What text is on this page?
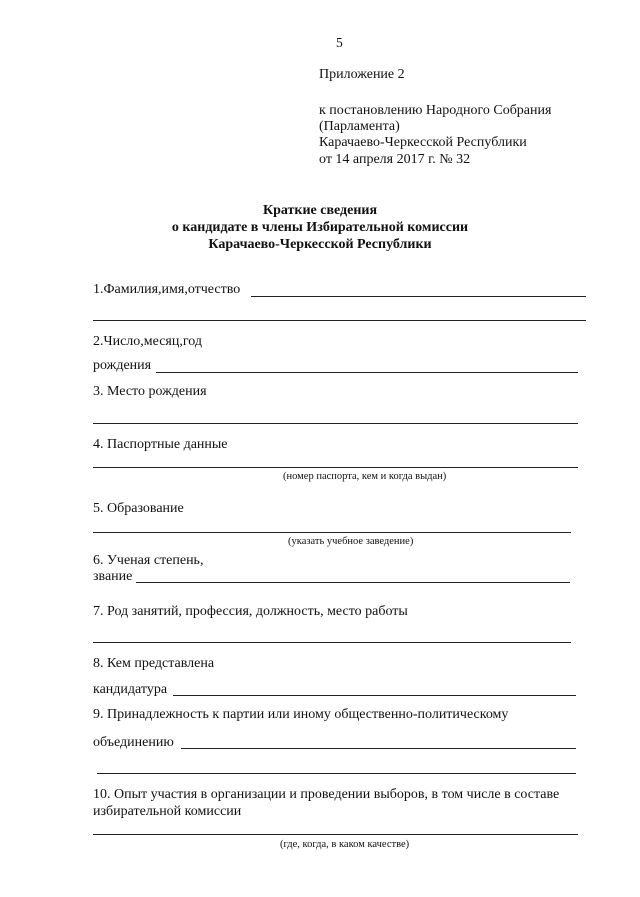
5
Приложение 2
к постановлению Народного Собрания
(Парламента)
Карачаево-Черкесской Республики
от 14 апреля 2017 г. № 32
Краткие сведения
о кандидате в члены Избирательной комиссии
Карачаево-Черкесской Республики
1.Фамилия,имя,отчество
2.Число,месяц,год
рождения
3. Место рождения
4. Паспортные данные
(номер паспорта, кем и когда выдан)
5. Образование
(указать учебное заведение)
6. Ученая степень,
звание
7. Род занятий, профессия, должность, место работы
8. Кем представлена
кандидатура
9. Принадлежность к партии или иному общественно-политическому
объединению
10. Опыт участия в организации и проведении выборов, в том числе в составе
избирательной комиссии
(где, когда, в каком качестве)
